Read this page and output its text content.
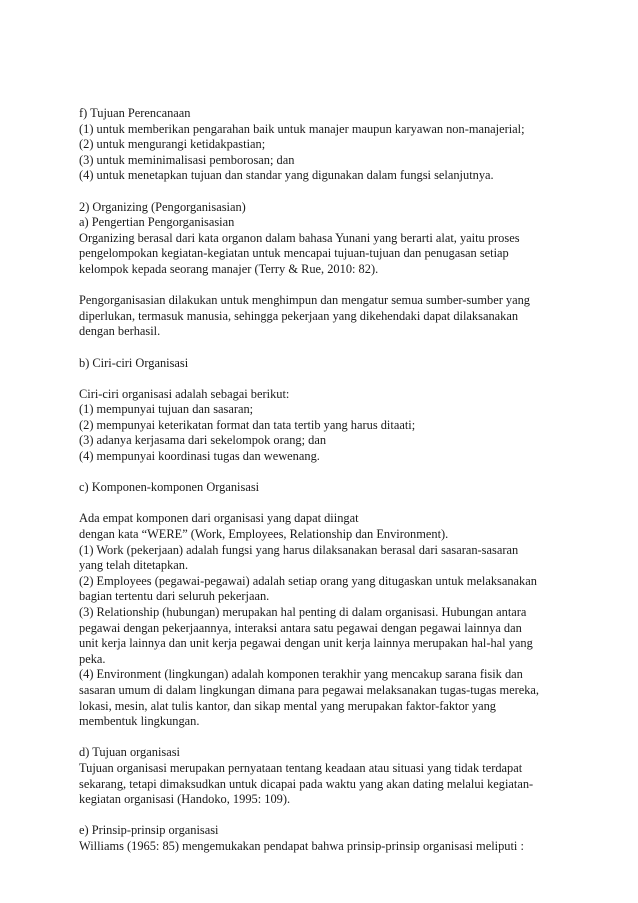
f) Tujuan Perencanaan
(1) untuk memberikan pengarahan baik untuk manajer maupun karyawan non-manajerial;
(2) untuk mengurangi ketidakpastian;
(3) untuk meminimalisasi pemborosan; dan
(4) untuk menetapkan tujuan dan standar yang digunakan dalam fungsi selanjutnya.
2) Organizing (Pengorganisasian)
a) Pengertian Pengorganisasian
Organizing berasal dari kata organon dalam bahasa Yunani yang berarti alat, yaitu proses
pengelompokan kegiatan-kegiatan untuk mencapai tujuan-tujuan dan penugasan setiap
kelompok kepada seorang manajer (Terry & Rue, 2010: 82).
Pengorganisasian dilakukan untuk menghimpun dan mengatur semua sumber-sumber yang
diperlukan, termasuk manusia, sehingga pekerjaan yang dikehendaki dapat dilaksanakan
dengan berhasil.
b) Ciri-ciri Organisasi
Ciri-ciri organisasi adalah sebagai berikut:
(1) mempunyai tujuan dan sasaran;
(2) mempunyai keterikatan format dan tata tertib yang harus ditaati;
(3) adanya kerjasama dari sekelompok orang; dan
(4) mempunyai koordinasi tugas dan wewenang.
c) Komponen-komponen Organisasi
Ada empat komponen dari organisasi yang dapat diingat
dengan kata “WERE” (Work, Employees, Relationship dan Environment).
(1) Work (pekerjaan) adalah fungsi yang harus dilaksanakan berasal dari sasaran-sasaran
yang telah ditetapkan.
(2) Employees (pegawai-pegawai) adalah setiap orang yang ditugaskan untuk melaksanakan
bagian tertentu dari seluruh pekerjaan.
(3) Relationship (hubungan) merupakan hal penting di dalam organisasi. Hubungan antara
pegawai dengan pekerjaannya, interaksi antara satu pegawai dengan pegawai lainnya dan
unit kerja lainnya dan unit kerja pegawai dengan unit kerja lainnya merupakan hal-hal yang
peka.
(4) Environment (lingkungan) adalah komponen terakhir yang mencakup sarana fisik dan
sasaran umum di dalam lingkungan dimana para pegawai melaksanakan tugas-tugas mereka,
lokasi, mesin, alat tulis kantor, dan sikap mental yang merupakan faktor-faktor yang
membentuk lingkungan.
d) Tujuan organisasi
Tujuan organisasi merupakan pernyataan tentang keadaan atau situasi yang tidak terdapat
sekarang, tetapi dimaksudkan untuk dicapai pada waktu yang akan dating melalui kegiatan-
kegiatan organisasi (Handoko, 1995: 109).
e) Prinsip-prinsip organisasi
Williams (1965: 85) mengemukakan pendapat bahwa prinsip-prinsip organisasi meliputi :
